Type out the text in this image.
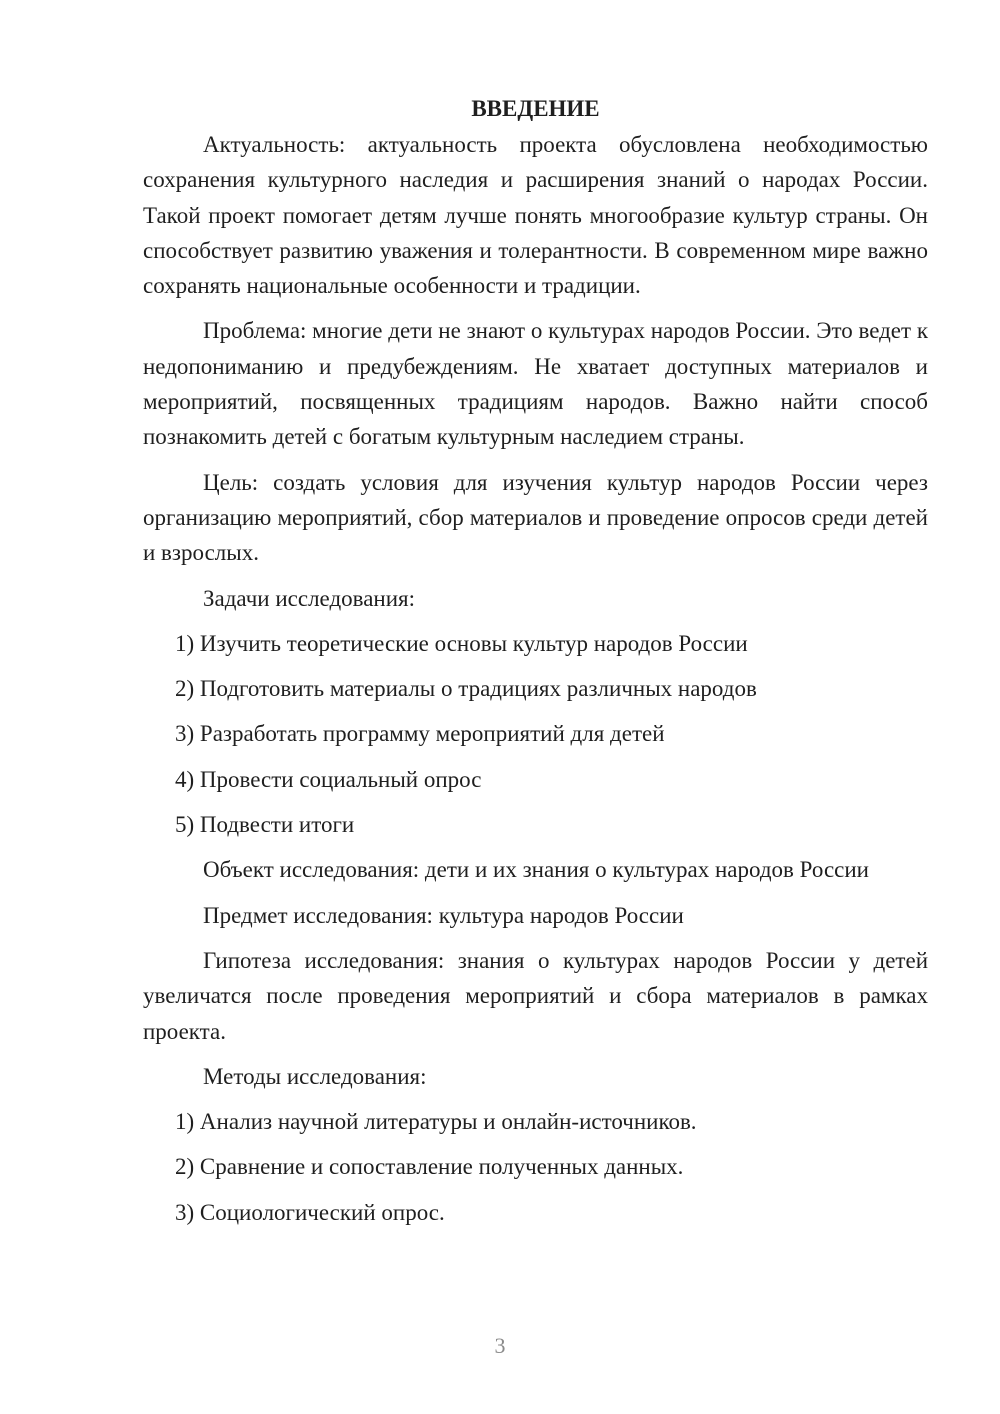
ВВЕДЕНИЕ

Актуальность: актуальность проекта обусловлена необходимостью сохранения культурного наследия и расширения знаний о народах России. Такой проект помогает детям лучше понять многообразие культур страны. Он способствует развитию уважения и толерантности. В современном мире важно сохранять национальные особенности и традиции.

Проблема: многие дети не знают о культурах народов России. Это ведет к недопониманию и предубеждениям. Не хватает доступных материалов и мероприятий, посвященных традициям народов. Важно найти способ познакомить детей с богатым культурным наследием страны.

Цель: создать условия для изучения культур народов России через организацию мероприятий, сбор материалов и проведение опросов среди детей и взрослых.

Задачи исследования:

1) Изучить теоретические основы культур народов России

2) Подготовить материалы о традициях различных народов

3) Разработать программу мероприятий для детей

4) Провести социальный опрос

5) Подвести итоги

Объект исследования: дети и их знания о культурах народов России

Предмет исследования: культура народов России

Гипотеза исследования: знания о культурах народов России у детей увеличатся после проведения мероприятий и сбора материалов в рамках проекта.

Методы исследования:

1) Анализ научной литературы и онлайн-источников.

2) Сравнение и сопоставление полученных данных.

3) Социологический опрос.

3
